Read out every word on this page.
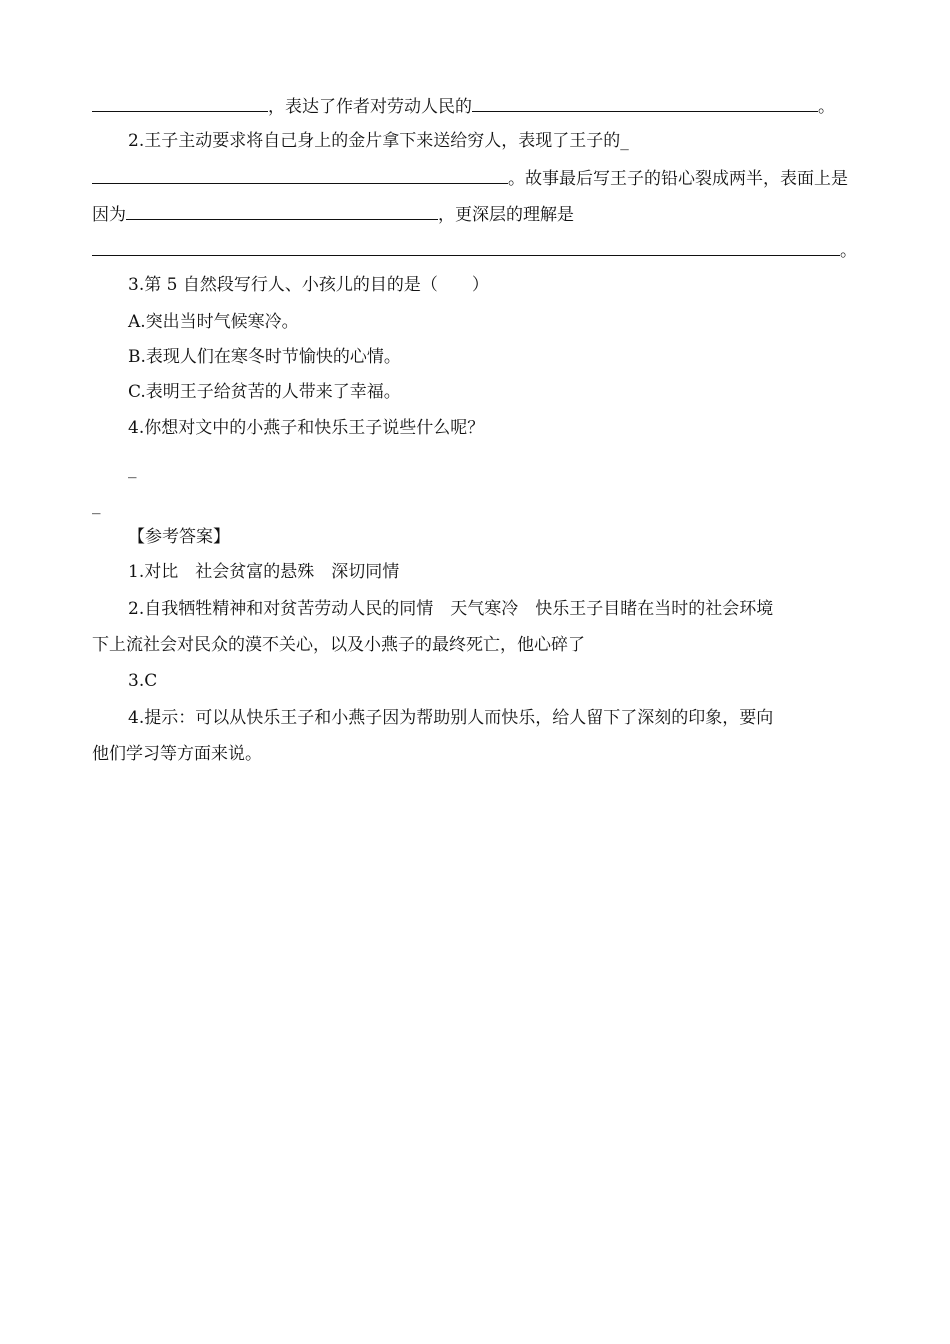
，表达了作者对劳动人民的	。
2.王子主动要求将自己身上的金片拿下来送给穷人，表现了王子的_
。故事最后写王子的铅心裂成两半，表面上是
因为	，更深层的理解是
。
3.第 5 自然段写行人、小孩儿的目的是（　　）
A.突出当时气候寒冷。
B.表现人们在寒冬时节愉快的心情。
C.表明王子给贫苦的人带来了幸福。
4.你想对文中的小燕子和快乐王子说些什么呢？
_
_
【参考答案】
1.对比　社会贫富的悬殊　深切同情
2.自我牺牲精神和对贫苦劳动人民的同情　天气寒冷　快乐王子目睹在当时的社会环境
下上流社会对民众的漠不关心，以及小燕子的最终死亡，他心碎了
3.C
4.提示：可以从快乐王子和小燕子因为帮助别人而快乐，给人留下了深刻的印象，要向
他们学习等方面来说。
